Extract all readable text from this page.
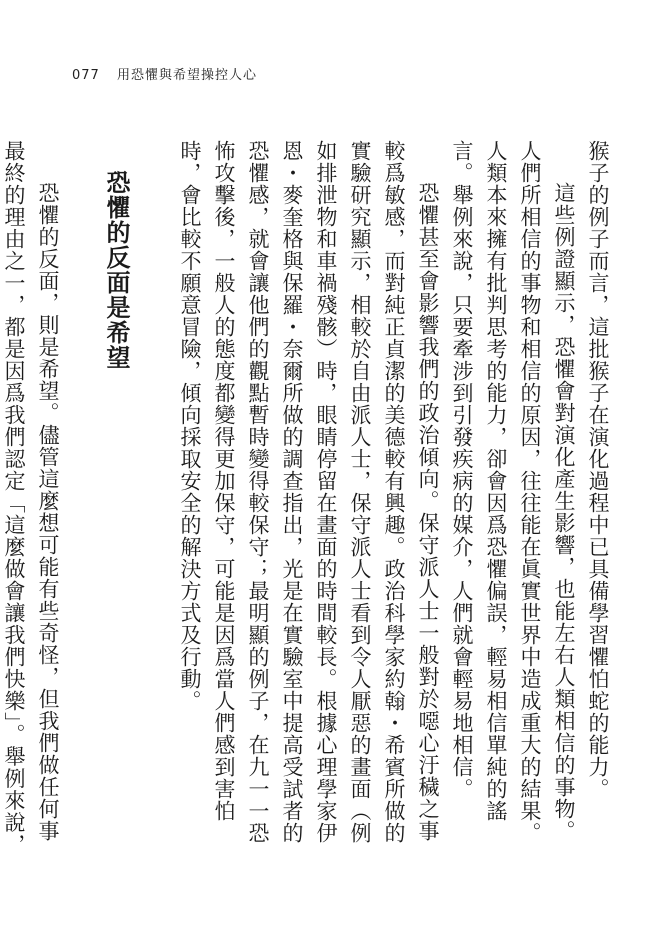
077 用恐懼與希望操控人心

猴子的例子而言，這批猴子在演化過程中已具備學習懼怕蛇的能力。

這些例證顯示，恐懼會對演化產生影響，也能左右人類相信的事物。人們所相信的事物和相信的原因，往往能在眞實世界中造成重大的結果。人類本來擁有批判思考的能力，卻會因爲恐懼偏誤，輕易相信單純的謠言。舉例來說，只要牽涉到引發疾病的媒介，人們就會輕易地相信。

恐懼甚至會影響我們的政治傾向。保守派人士一般對於噁心汙穢之事較爲敏感，而對純正貞潔的美德較有興趣。政治科學家約翰・希賓所做的實驗研究顯示，相較於自由派人士，保守派人士看到令人厭惡的畫面（例如排泄物和車禍殘骸）時，眼睛停留在畫面的時間較長。根據心理學家伊恩・麥奎格與保羅・奈爾所做的調查指出，光是在實驗室中提高受試者的恐懼感，就會讓他們的觀點暫時變得較保守；最明顯的例子，在九一一恐怖攻擊後，一般人的態度都變得更加保守，可能是因爲當人們感到害怕時，會比較不願意冒險，傾向採取安全的解決方式及行動。

恐懼的反面是希望

恐懼的反面，則是希望。儘管這麼想可能有些奇怪，但我們做任何事最終的理由之一，都是因爲我們認定「這麼做會讓我們快樂」。舉例來說，
